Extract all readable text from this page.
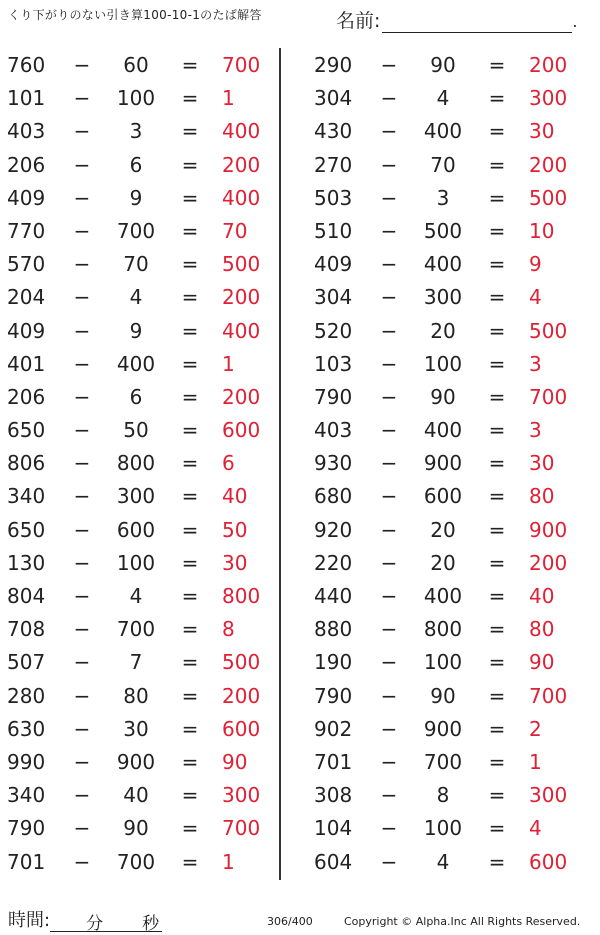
くり下がりのない引き算100-10-1のたば解答	名前:	.
760	−	60	= 700
101	−	100	= 1
403	−	3	= 400
206	−	6	= 200
409	−	9	= 400
770	−	700	= 70
570	−	70	= 500
204	−	4	= 200
409	−	9	= 400
401	−	400	= 1
206	−	6	= 200
650	−	50	= 600
806	−	800	= 6
340	−	300	= 40
650	−	600	= 50
130	−	100	= 30
804	−	4	= 800
708	−	700	= 8
507	−	7	= 500
280	−	80	= 200
630	−	30	= 600
990	−	900	= 90
340	−	40	= 300
790	−	90	= 700
701	−	700	= 1
290	−	90	= 200
304	−	4	= 300
430	−	400	= 30
270	−	70	= 200
503	−	3	= 500
510	−	500	= 10
409	−	400	= 9
304	−	300	= 4
520	−	20	= 500
103	−	100	= 3
790	−	90	= 700
403	−	400	= 3
930	−	900	= 30
680	−	600	= 80
920	−	20	= 900
220	−	20	= 200
440	−	400	= 40
880	−	800	= 80
190	−	100	= 90
790	−	90	= 700
902	−	900	= 2
701	−	700	= 1
308	−	8	= 300
104	−	100	= 4
604	−	4	= 600
時間: 分 秒	306/400	Copyright © Alpha.Inc All Rights Reserved.
